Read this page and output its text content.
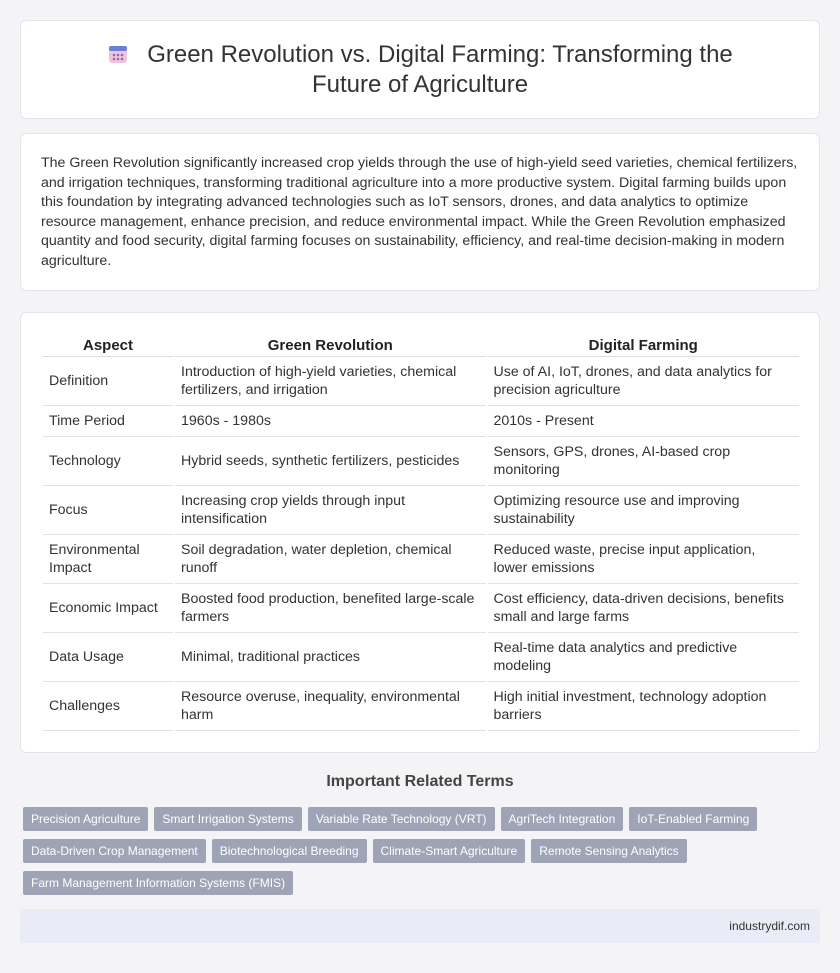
Green Revolution vs. Digital Farming: Transforming the Future of Agriculture

The Green Revolution significantly increased crop yields through the use of high-yield seed varieties, chemical fertilizers, and irrigation techniques, transforming traditional agriculture into a more productive system. Digital farming builds upon this foundation by integrating advanced technologies such as IoT sensors, drones, and data analytics to optimize resource management, enhance precision, and reduce environmental impact. While the Green Revolution emphasized quantity and food security, digital farming focuses on sustainability, efficiency, and real-time decision-making in modern agriculture.

Aspect	Green Revolution	Digital Farming
Definition	Introduction of high-yield varieties, chemical fertilizers, and irrigation	Use of AI, IoT, drones, and data analytics for precision agriculture
Time Period	1960s - 1980s	2010s - Present
Technology	Hybrid seeds, synthetic fertilizers, pesticides	Sensors, GPS, drones, AI-based crop monitoring
Focus	Increasing crop yields through input intensification	Optimizing resource use and improving sustainability
Environmental Impact	Soil degradation, water depletion, chemical runoff	Reduced waste, precise input application, lower emissions
Economic Impact	Boosted food production, benefited large-scale farmers	Cost efficiency, data-driven decisions, benefits small and large farms
Data Usage	Minimal, traditional practices	Real-time data analytics and predictive modeling
Challenges	Resource overuse, inequality, environmental harm	High initial investment, technology adoption barriers
Important Related Terms
Precision Agriculture	Smart Irrigation Systems	Variable Rate Technology (VRT)	AgriTech Integration	IoT-Enabled Farming
Data-Driven Crop Management	Biotechnological Breeding	Climate-Smart Agriculture	Remote Sensing Analytics
Farm Management Information Systems (FMIS)
industrydif.com
